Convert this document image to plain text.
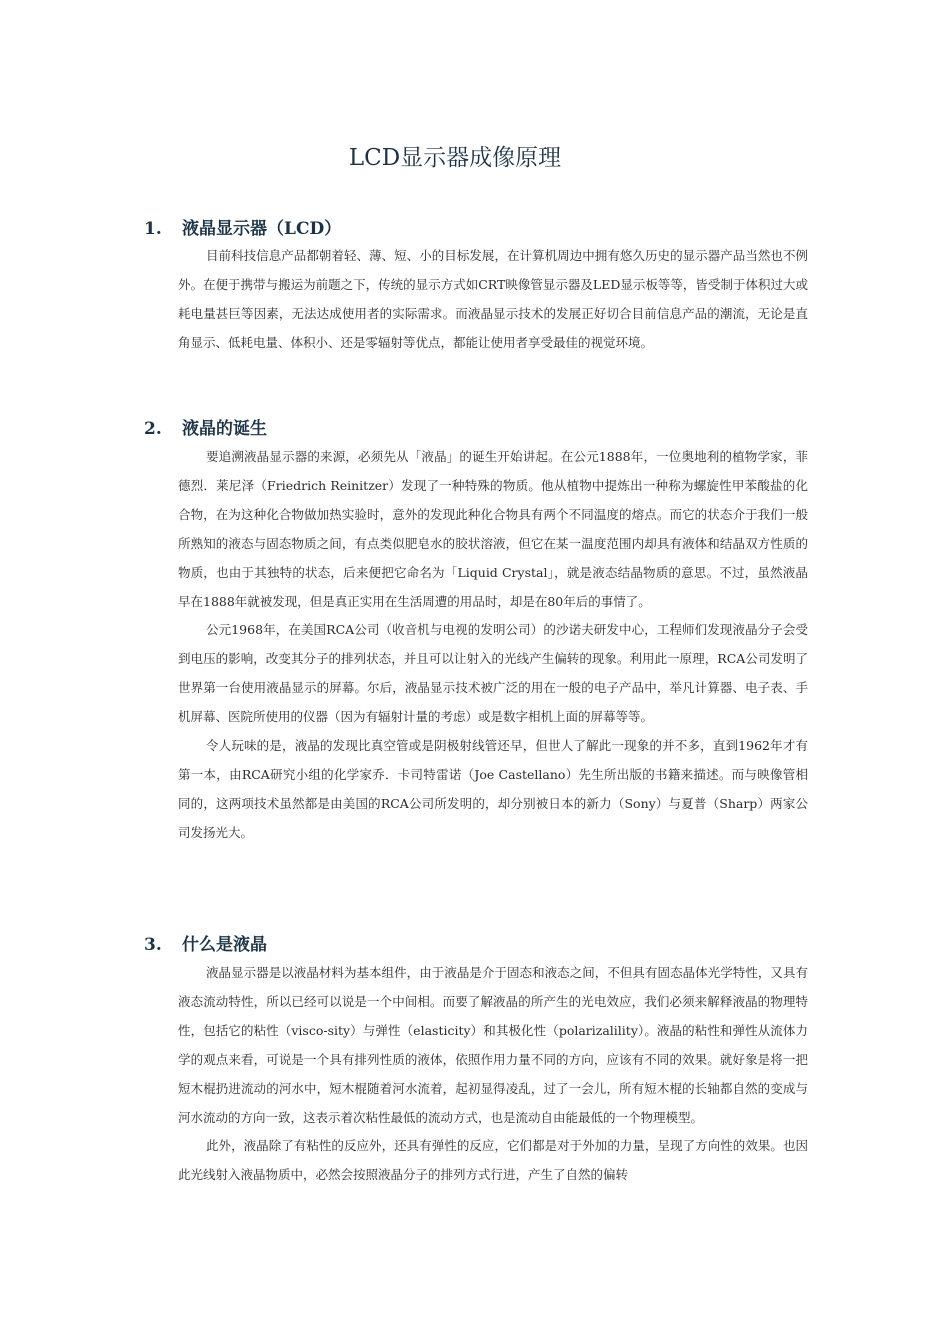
LCD显示器成像原理
1. 液晶显示器（LCD）

目前科技信息产品都朝着轻、薄、短、小的目标发展，在计算机周边中拥有悠久历史的显示器产品当然也不例外。在便于携带与搬运为前题之下，传统的显示方式如CRT映像管显示器及LED显示板等等，皆受制于体积过大或耗电量甚巨等因素，无法达成使用者的实际需求。而液晶显示技术的发展正好切合目前信息产品的潮流，无论是直角显示、低耗电量、体积小、还是零辐射等优点，都能让使用者享受最佳的视觉环境。

2. 液晶的诞生

要追溯液晶显示器的来源，必须先从「液晶」的诞生开始讲起。在公元1888年，一位奥地利的植物学家，菲德烈．莱尼泽（Friedrich Reinitzer）发现了一种特殊的物质。他从植物中提炼出一种称为螺旋性甲苯酸盐的化合物，在为这种化合物做加热实验时，意外的发现此种化合物具有两个不同温度的熔点。而它的状态介于我们一般所熟知的液态与固态物质之间，有点类似肥皂水的胶状溶液，但它在某一温度范围内却具有液体和结晶双方性质的物质，也由于其独特的状态，后来便把它命名为「Liquid Crystal」，就是液态结晶物质的意思。不过，虽然液晶早在1888年就被发现，但是真正实用在生活周遭的用品时，却是在80年后的事情了。

公元1968年，在美国RCA公司（收音机与电视的发明公司）的沙诺夫研发中心，工程师们发现液晶分子会受到电压的影响，改变其分子的排列状态，并且可以让射入的光线产生偏转的现象。利用此一原理，RCA公司发明了世界第一台使用液晶显示的屏幕。尔后，液晶显示技术被广泛的用在一般的电子产品中，举凡计算器、电子表、手机屏幕、医院所使用的仪器（因为有辐射计量的考虑）或是数字相机上面的屏幕等等。

令人玩味的是，液晶的发现比真空管或是阴极射线管还早，但世人了解此一现象的并不多，直到1962年才有第一本，由RCA研究小组的化学家乔．卡司特雷诺（Joe Castellano）先生所出版的书籍来描述。而与映像管相同的，这两项技术虽然都是由美国的RCA公司所发明的，却分别被日本的新力（Sony）与夏普（Sharp）两家公司发扬光大。

3. 什么是液晶

液晶显示器是以液晶材料为基本组件，由于液晶是介于固态和液态之间，不但具有固态晶体光学特性，又具有液态流动特性，所以已经可以说是一个中间相。而要了解液晶的所产生的光电效应，我们必须来解释液晶的物理特性，包括它的粘性（visco-sity）与弹性（elasticity）和其极化性（polarizalility）。液晶的粘性和弹性从流体力学的观点来看，可说是一个具有排列性质的液体，依照作用力量不同的方向，应该有不同的效果。就好象是将一把短木棍扔进流动的河水中，短木棍随着河水流着，起初显得凌乱，过了一会儿，所有短木棍的长轴都自然的变成与河水流动的方向一致，这表示着次粘性最低的流动方式，也是流动自由能最低的一个物理模型。

此外，液晶除了有粘性的反应外，还具有弹性的反应，它们都是对于外加的力量，呈现了方向性的效果。也因此光线射入液晶物质中，必然会按照液晶分子的排列方式行进，产生了自然的偏转
